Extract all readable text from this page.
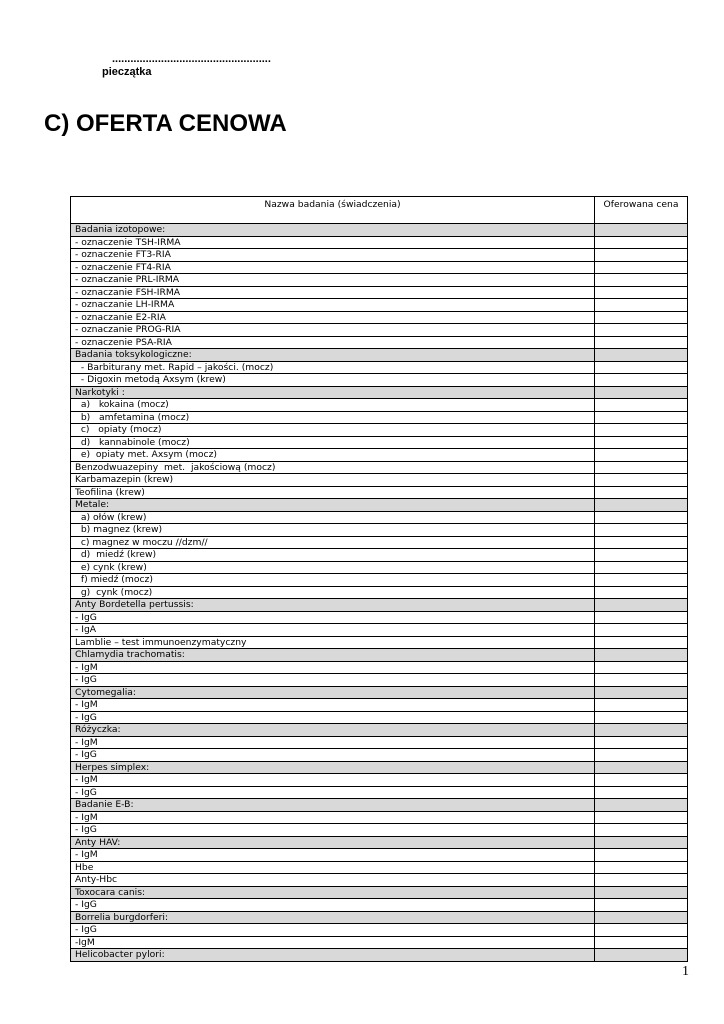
....................................................
pieczątka
C) OFERTA CENOWA
Nazwa badania (świadczenia)	Oferowana cena
Badania izotopowe:	
- oznaczenie TSH-IRMA	
- oznaczenie FT3-RIA	
- oznaczenie FT4-RIA	
- oznaczanie PRL-IRMA	
- oznaczanie FSH-IRMA	
- oznaczanie LH-IRMA	
- oznaczanie E2-RIA	
- oznaczanie PROG-RIA	
- oznaczenie PSA-RIA	
Badania toksykologiczne:	
- Barbiturany met. Rapid – jakości. (mocz)	
- Digoxin metodą Axsym (krew)	
Narkotyki :	
a)   kokaina (mocz)	
b)   amfetamina (mocz)	
c)   opiaty (mocz)	
d)   kannabinole (mocz)	
e)  opiaty met. Axsym (mocz)	
Benzodwuazepiny  met.  jakościową (mocz)	
Karbamazepin (krew)	
Teofilina (krew)	
Metale:	
a) ołów (krew)	
b) magnez (krew)	
c) magnez w moczu //dzm//	
d)  miedź (krew)	
e) cynk (krew)	
f) miedź (mocz)	
g)  cynk (mocz)	
Anty Bordetella pertussis:	
- IgG	
- IgA	
Lamblie – test immunoenzymatyczny	
Chlamydia trachomatis:	
- IgM	
- IgG	
Cytomegalia:	
- IgM	
- IgG	
Różyczka:	
- IgM	
- IgG	
Herpes simplex:	
- IgM	
- IgG	
Badanie E-B:	
- IgM	
- IgG	
Anty HAV:	
- IgM	
Hbe	
Anty-Hbc	
Toxocara canis:	
- IgG	
Borrelia burgdorferi:	
- IgG	
-IgM	
Helicobacter pylori:	
1
